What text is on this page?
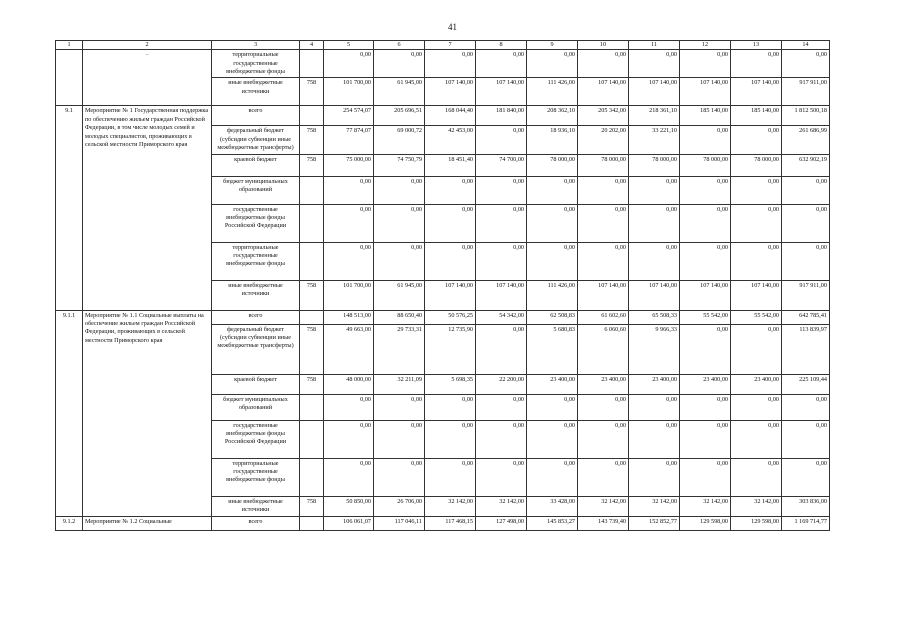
41
1	2	3	4	5	6	7	8	9	10	11	12	13	14

	–	территориальные государственные внебюджетные фонды		0,00	0,00	0,00	0,00	0,00	0,00	0,00	0,00	0,00	0,00
		иные внебюджетные источники	758	101 700,00	61 945,00	107 140,00	107 140,00	111 426,00	107 140,00	107 140,00	107 140,00	107 140,00	917 911,00
9.1	Мероприятие № 1 Государственная поддержка по обеспечению жильем граждан Российской Федерации, в том числе молодых семей и молодых специалистов, проживающих в сельской местности Приморского края	всего		254 574,07	205 696,51	168 044,40	181 840,00	208 362,10	205 342,00	218 361,10	185 140,00	185 140,00	1 812 500,18
		федеральный бюджет (субсидии субвенции иные межбюджетные трансферты)	758	77 874,07	69 000,72	42 453,00	0,00	18 936,10	20 202,00	33 221,10	0,00	0,00	261 686,99
		краевой бюджет	758	75 000,00	74 750,79	18 451,40	74 700,00	78 000,00	78 000,00	78 000,00	78 000,00	78 000,00	632 902,19
		бюджет муниципальных образований		0,00	0,00	0,00	0,00	0,00	0,00	0,00	0,00	0,00	0,00
		государственные внебюджетные фонды Российской Федерации		0,00	0,00	0,00	0,00	0,00	0,00	0,00	0,00	0,00	0,00
		территориальные государственные внебюджетные фонды		0,00	0,00	0,00	0,00	0,00	0,00	0,00	0,00	0,00	0,00
		иные внебюджетные источники	758	101 700,00	61 945,00	107 140,00	107 140,00	111 426,00	107 140,00	107 140,00	107 140,00	107 140,00	917 911,00
9.1.1	Мероприятие № 1.1 Социальные выплаты на обеспечение жильем граждан Российской Федерации, проживающих в сельской местности Приморского края	всего		148 513,00	88 650,40	50 576,25	54 342,00	62 508,83	61 602,60	65 508,33	55 542,00	55 542,00	642 785,41
		федеральный бюджет (субсидии субвенции иные межбюджетные трансферты)	758	49 663,00	29 733,31	12 735,90	0,00	5 680,83	6 060,60	9 966,33	0,00	0,00	113 839,97
		краевой бюджет	758	48 000,00	32 211,09	5 698,35	22 200,00	23 400,00	23 400,00	23 400,00	23 400,00	23 400,00	225 109,44
		бюджет муниципальных образований		0,00	0,00	0,00	0,00	0,00	0,00	0,00	0,00	0,00	0,00
		государственные внебюджетные фонды Российской Федерации		0,00	0,00	0,00	0,00	0,00	0,00	0,00	0,00	0,00	0,00
		территориальные государственные внебюджетные фонды		0,00	0,00	0,00	0,00	0,00	0,00	0,00	0,00	0,00	0,00
		иные внебюджетные источники	758	50 850,00	26 706,00	32 142,00	32 142,00	33 428,00	32 142,00	32 142,00	32 142,00	32 142,00	303 836,00
9.1.2	Мероприятие № 1.2 Социальные	всего		106 061,07	117 046,11	117 468,15	127 498,00	145 853,27	143 739,40	152 852,77	129 598,00	129 598,00	1 169 714,77
